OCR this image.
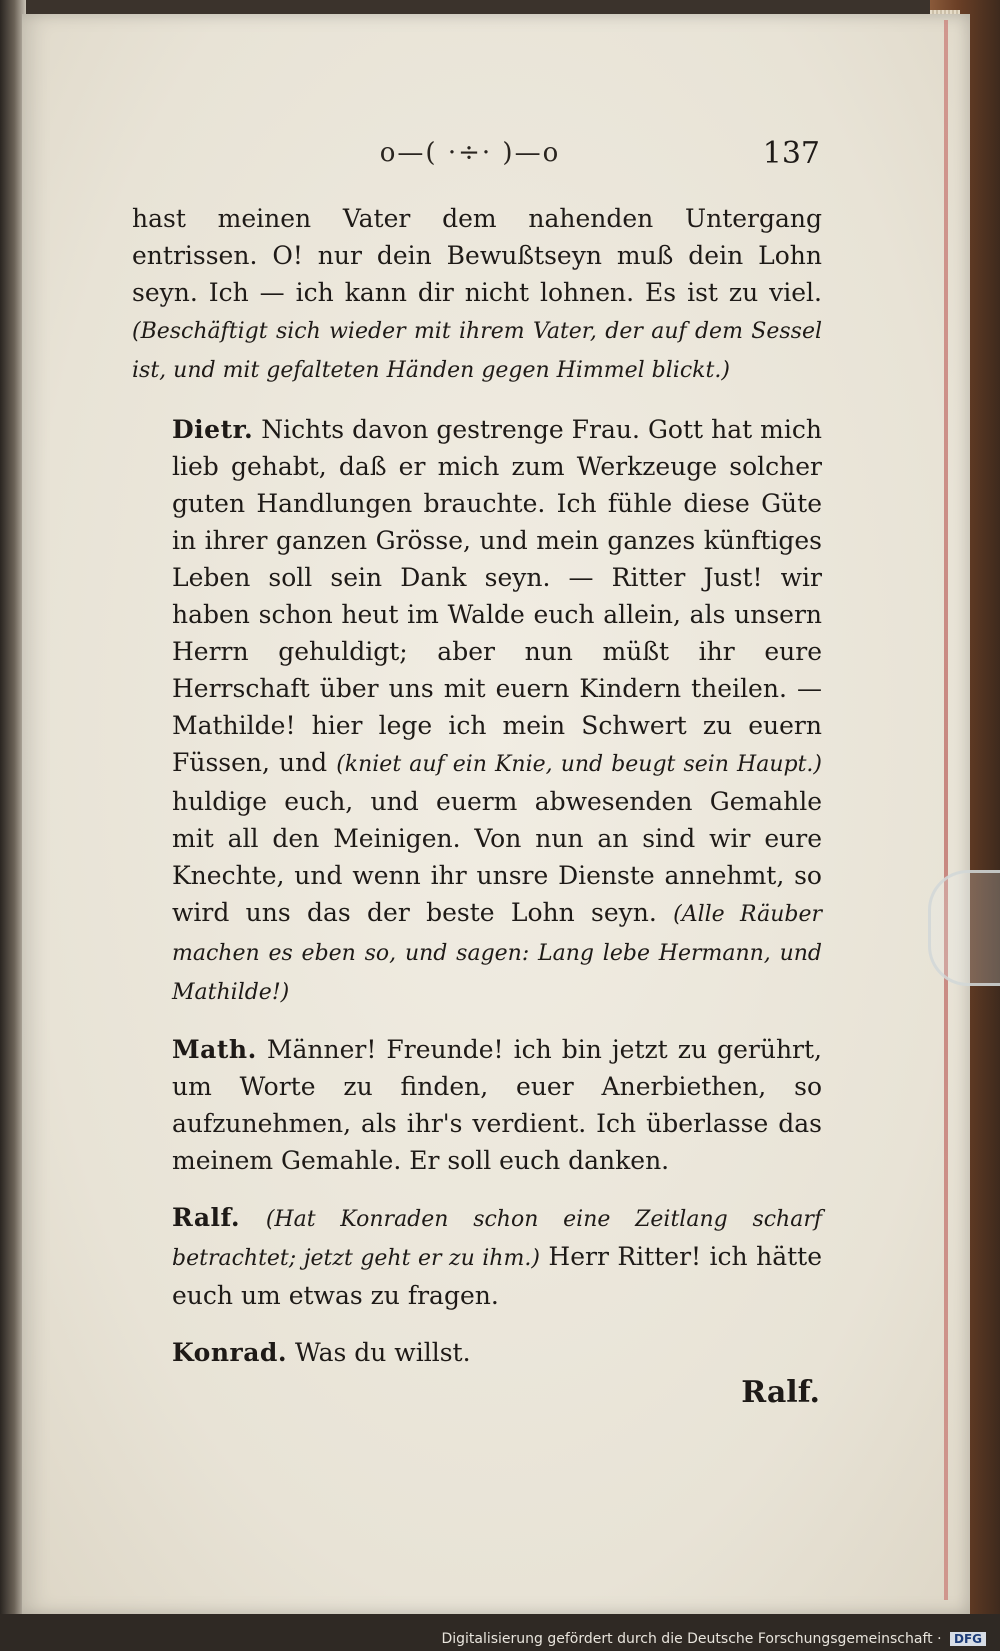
o—( ·÷· )—o	137

hast meinen Vater dem nahenden Untergang entrissen. O! nur dein Bewußtseyn muß dein Lohn seyn. Ich — ich kann dir nicht lohnen. Es ist zu viel. (Beschäftigt sich wieder mit ihrem Vater, der auf dem Sessel ist, und mit gefalteten Händen gegen Himmel blickt.)

Dietr. Nichts davon gestrenge Frau. Gott hat mich lieb gehabt, daß er mich zum Werkzeuge solcher guten Handlungen brauchte. Ich fühle diese Güte in ihrer ganzen Grösse, und mein ganzes künftiges Leben soll sein Dank seyn. — Ritter Just! wir haben schon heut im Walde euch allein, als unsern Herrn gehuldigt; aber nun müßt ihr eure Herrschaft über uns mit euern Kindern theilen. — Mathilde! hier lege ich mein Schwert zu euern Füssen, und (kniet auf ein Knie, und beugt sein Haupt.) huldige euch, und euerm abwesenden Gemahle mit all den Meinigen. Von nun an sind wir eure Knechte, und wenn ihr unsre Dienste annehmt, so wird uns das der beste Lohn seyn. (Alle Räuber machen es eben so, und sagen: Lang lebe Hermann, und Mathilde!)

Math. Männer! Freunde! ich bin jetzt zu gerührt, um Worte zu finden, euer Anerbiethen, so aufzunehmen, als ihr's verdient. Ich überlasse das meinem Gemahle. Er soll euch danken.

Ralf. (Hat Konraden schon eine Zeitlang scharf betrachtet; jetzt geht er zu ihm.) Herr Ritter! ich hätte euch um etwas zu fragen.

Konrad. Was du willst.

Ralf.
Digitalisierung gefördert durch die Deutsche Forschungsgemeinschaft · DFG
